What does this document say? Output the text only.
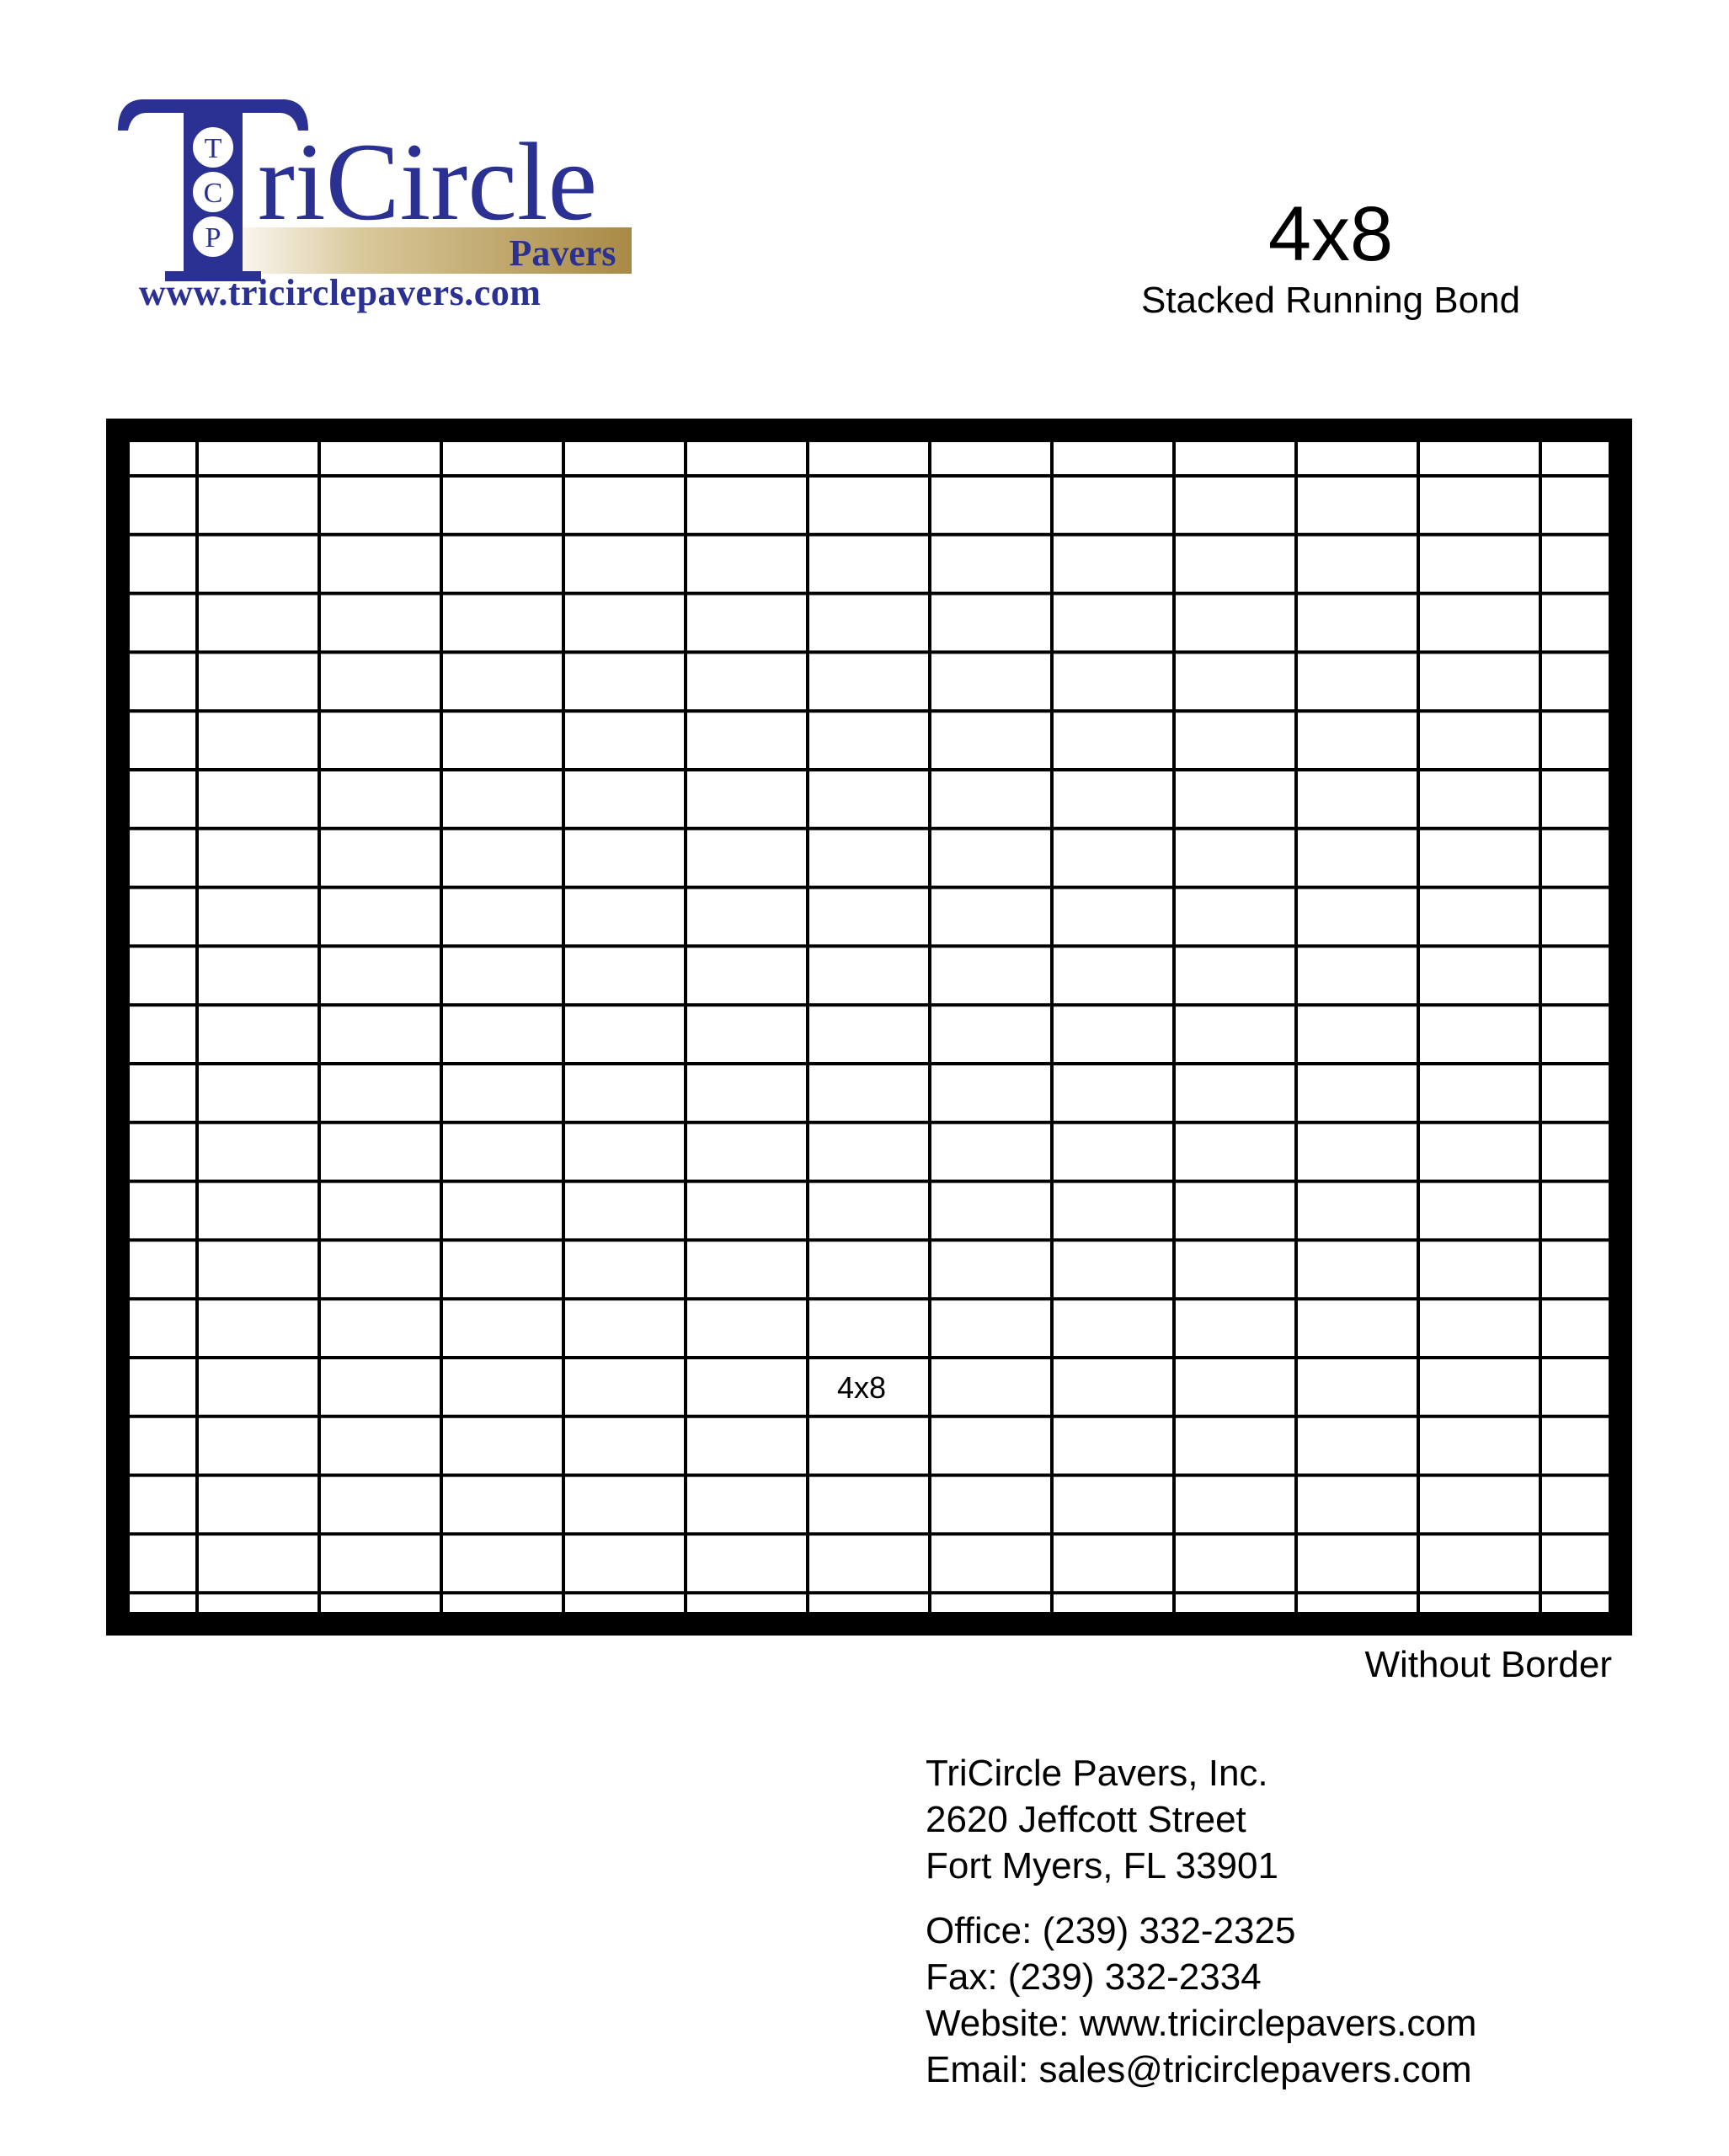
T
C
P riCircle
Pavers
www.tricirclepavers.com
4x8
Stacked Running Bond
4x8
Without Border
TriCircle Pavers, Inc.
2620 Jeffcott Street
Fort Myers, FL 33901
Office: (239) 332-2325
Fax: (239) 332-2334
Website: www.tricirclepavers.com
Email: sales@tricirclepavers.com
